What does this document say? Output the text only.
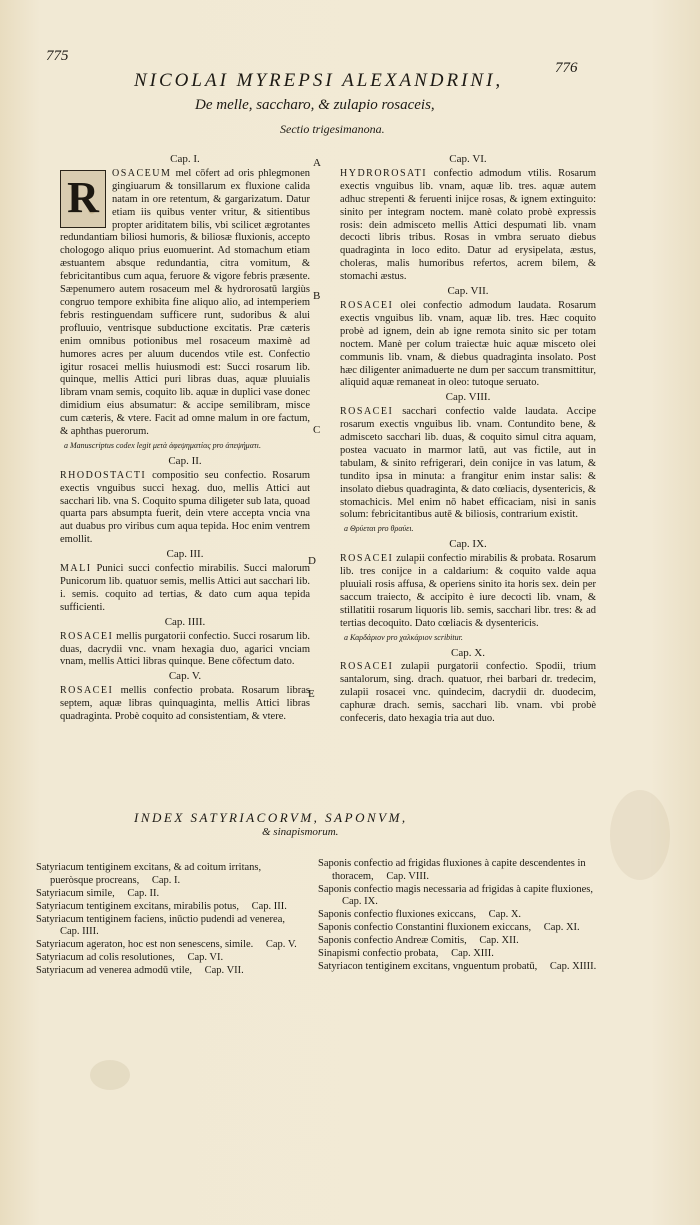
775
776
NICOLAI MYREPSI ALEXANDRINI,
De melle, saccharo, & zulapio rosaceis,
Sectio trigesimanona.
A
B
C
D
E
Cap. I.
R

OSACEUM mel cōfert ad oris phlegmonen gingiuarum & tonsillarum ex fluxione calida natam in ore retentum, & gargarizatum. Datur etiam iis quibus venter vritur, & sitientibus propter ariditatem bilis, vbi scilicet ægrotantes redundantiam biliosi humoris, & biliosæ fluxionis, accepto chologogo aliquo prius euomuerint. Ad stomachum etiam æstuantem absque redundantia, citra vomitum, & febricitantibus cum aqua, feruore & vigore febris præsente. Sæpenumero autem rosaceum mel & hydrorosatū largiùs congruo tempore exhibita fine aliquo alio, ad intemperiem febris restinguendam sufficere runt, sudoribus & alui profluuio, ventrisque subductione excitatis. Præ cæteris enim omnibus potionibus mel rosaceum maximè ad humores acres per aluum ducendos vtile est. Confectio igitur rosacei mellis huiusmodi est: Succi rosarum lib. quinque, mellis Attici puri libras duas, aquæ pluuialis libram vnam semis, coquito lib. aquæ in duplici vase donec dimidium eius absumatur: & accipe semilibram, misce cum cæteris, & vtere. Facit ad omne malum in ore factum, & aphthas puerorum.

a Manuscriptus codex legit μετὰ ἀφεψηματίας pro ἀπεψήματι.
Cap. II.

RHODOSTACTI compositio seu confectio. Rosarum exectis vnguibus succi hexag. duo, mellis Attici aut sacchari lib. vna S. Coquito spuma diligeter sub lata, quoad quarta pars absumpta fuerit, dein vtere accepta vncia vna aut duabus pro viribus cum aqua tepida. Hoc enim ventrem emollit.

Cap. III.

MALI Punici succi confectio mirabilis. Succi malorum Punicorum lib. quatuor semis, mellis Attici aut sacchari lib. i. semis. coquito ad tertias, & dato cum aqua tepida sufficienti.

Cap. IIII.

ROSACEI mellis purgatorii confectio. Succi rosarum lib. duas, dacrydii vnc. vnam hexagia duo, agarici vnciam vnam, mellis Attici libras quinque. Bene cōfectum dato.

Cap. V.

ROSACEI mellis confectio probata. Rosarum libras septem, aquæ libras quinquaginta, mellis Attici libras quadraginta. Probè coquito ad consistentiam, & vtere.

Cap. VI.

HYDROROSATI confectio admodum vtilis. Rosarum exectis vnguibus lib. vnam, aquæ lib. tres. aquæ autem adhuc strepenti & feruenti inijce rosas, & ignem extinguito: sinito per integram noctem. manè colato probè expressis rosis: dein admisceto mellis Attici despumati lib. vnam decocti libris tribus. Rosas in vmbra seruato diebus quadraginta in loco edito. Datur ad erysipelata, æstus, choleras, malis humoribus refertos, acrem bilem, & stomachi æstus.

Cap. VII.

ROSACEI olei confectio admodum laudata. Rosarum exectis vnguibus lib. vnam, aquæ lib. tres. Hæc coquito probè ad ignem, dein ab igne remota sinito sic per totam noctem. Manè per colum traiectæ huic aquæ misceto olei communis lib. vnam, & diebus quadraginta insolato. Post hæc diligenter animaduerte ne dum per saccum transmittitur, aliquid aquæ remaneat in oleo: tutoque seruato.

Cap. VIII.

ROSACEI sacchari confectio valde laudata. Accipe rosarum exectis vnguibus lib. vnam. Contundito bene, & admisceto sacchari lib. duas, & coquito simul citra aquam, postea vacuato in marmor latū, aut vas fictile, aut in tabulam, & sinito refrigerari, dein conijce in vas latum, & tundito ipsa in minuta: a frangitur enim instar salis: & insolato diebus quadraginta, & dato cœliacis, dysentericis, & stomachicis. Mel enim nō habet efficaciam, nisi in sanis solum: febricitantibus autē & biliosis, contrarium existit.

a Θρύεται pro θραύει.
Cap. IX.

ROSACEI zulapii confectio mirabilis & probata. Rosarum lib. tres conijce in a caldarium: & coquito valde aqua pluuiali rosis affusa, & operiens sinito ita horis sex. dein per saccum traiecto, & accipito è iure decocti lib. vnam, & stillatitii rosarum liquoris lib. semis, sacchari libr. tres: & ad tertias decoquito. Dato cœliacis & dysentericis.

a Καρδάριον pro χαλκάριον scribitur.
Cap. X.

ROSACEI zulapii purgatorii confectio. Spodii, trium santalorum, sing. drach. quatuor, rhei barbari dr. tredecim, zulapii rosacei vnc. quindecim, dacrydii dr. duodecim, caphuræ drach. semis, sacchari lib. vnam. vbi probè confeceris, dato hexagia tria aut duo.

INDEX SATYRIACORVM, SAPONVM,
& sinapismorum.
Satyriacum tentiginem excitans, & ad coitum irritans, pueròsque procreans, Cap. I.
Satyriacum simile, Cap. II.
Satyriacum tentiginem excitans, mirabilis potus, Cap. III.
Satyriacum tentiginem faciens, inūctio pudendi ad venerea, Cap. IIII.
Satyriacum ageraton, hoc est non senescens, simile. Cap. V.
Satyriacum ad colis resolutiones, Cap. VI.
Satyriacum ad venerea admodū vtile, Cap. VII.
Saponis confectio ad frigidas fluxiones à capite descendentes in thoracem, Cap. VIII.
Saponis confectio magis necessaria ad frigidas à capite fluxiones, Cap. IX.
Saponis confectio fluxiones exiccans, Cap. X.
Saponis confectio Constantini fluxionem exiccans, Cap. XI.
Saponis confectio Andreæ Comitis, Cap. XII.
Sinapismi confectio probata, Cap. XIII.
Satyriacon tentiginem excitans, vnguentum probatū, Cap. XIIII.
